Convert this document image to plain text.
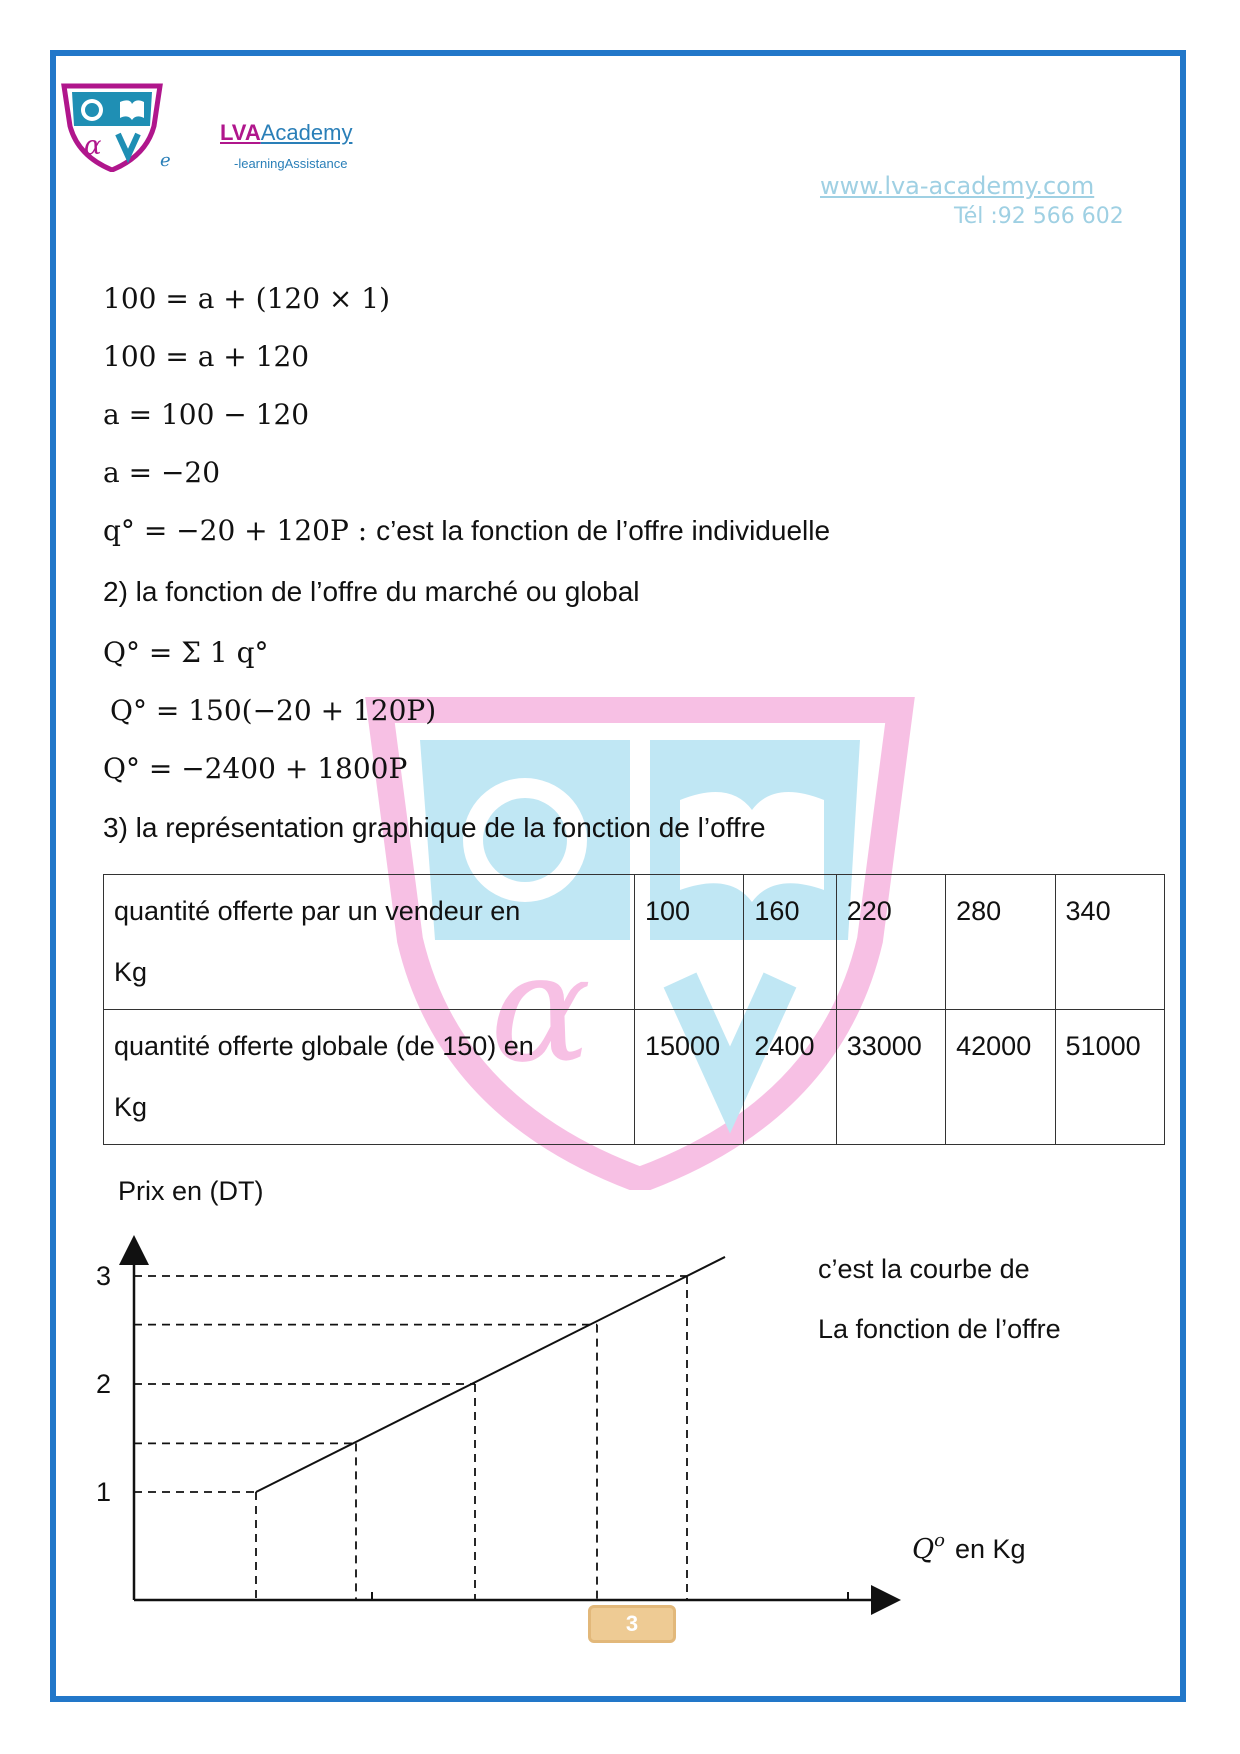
α	e
LVAAcademy
-learningAssistance
www.lva-academy.com
Tél :92 566 602
α
100 = a + (120 × 1)
100 = a + 120
a = 100 − 120
a = −20
q° = −20 + 120P : c’est la fonction de l’offre individuelle
2) la fonction de l’offre du marché ou global
Q° = Σ 1 q°
Q° = 150(−20 + 120P)
Q° = −2400 + 1800P
3) la représentation graphique de la fonction de l’offre
quantité offerte par un vendeur en
Kg	100	160	220	280	340
quantité offerte globale (de 150) en
Kg	15000	2400	33000	42000	51000
1
2
3
Prix en (DT)
c’est la courbe de
La fonction de l’offre
$Q^o$ en Kg
3
